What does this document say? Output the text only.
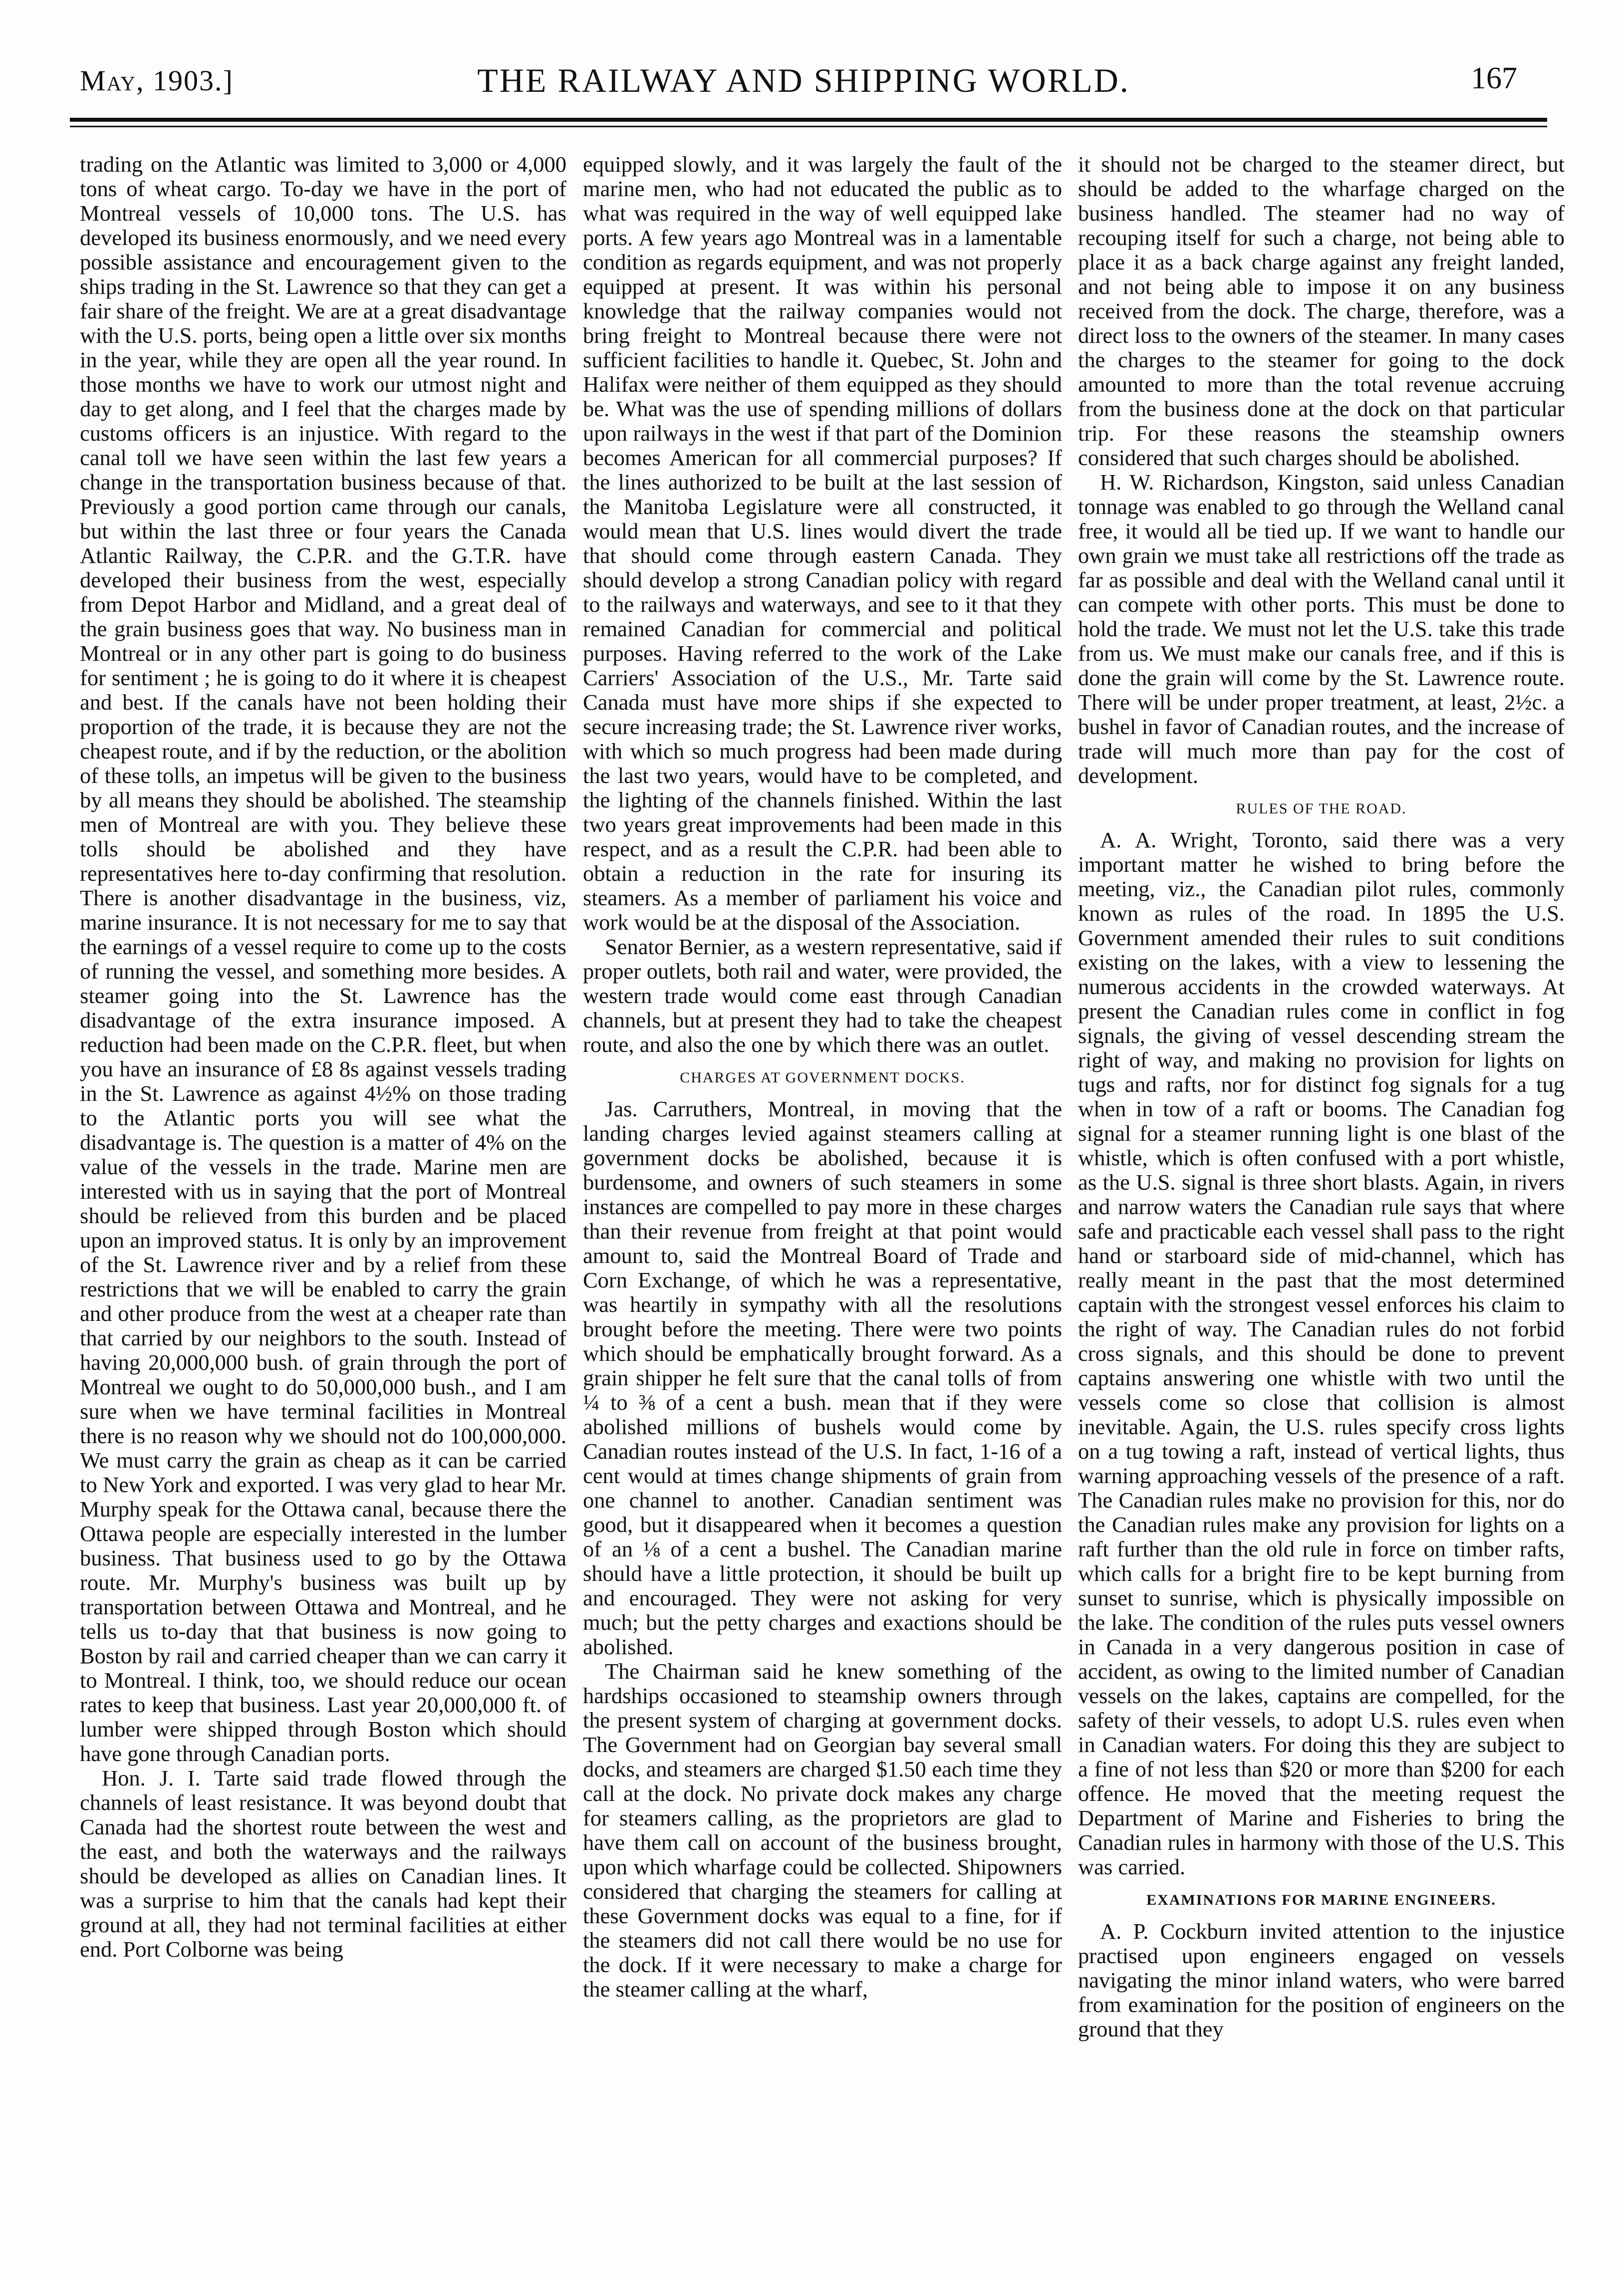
May, 1903.]	THE RAILWAY AND SHIPPING WORLD.	167

trading on the Atlantic was limited to 3,000 or 4,000 tons of wheat cargo. To-day we have in the port of Montreal vessels of 10,000 tons. The U.S. has developed its business enormously, and we need every possible assistance and encouragement given to the ships trading in the St. Lawrence so that they can get a fair share of the freight. We are at a great disadvantage with the U.S. ports, being open a little over six months in the year, while they are open all the year round. In those months we have to work our utmost night and day to get along, and I feel that the charges made by customs officers is an injustice. With regard to the canal toll we have seen within the last few years a change in the transportation business because of that. Previously a good portion came through our canals, but within the last three or four years the Canada Atlantic Railway, the C.P.R. and the G.T.R. have developed their business from the west, especially from Depot Harbor and Midland, and a great deal of the grain business goes that way. No business man in Montreal or in any other part is going to do business for sentiment ; he is going to do it where it is cheapest and best. If the canals have not been holding their proportion of the trade, it is because they are not the cheapest route, and if by the reduction, or the abolition of these tolls, an impetus will be given to the business by all means they should be abolished. The steamship men of Montreal are with you. They believe these tolls should be abolished and they have representatives here to-day confirming that resolution. There is another disadvantage in the business, viz, marine insurance. It is not necessary for me to say that the earnings of a vessel require to come up to the costs of running the vessel, and something more besides. A steamer going into the St. Lawrence has the disadvantage of the extra insurance imposed. A reduction had been made on the C.P.R. fleet, but when you have an insurance of £8 8s against vessels trading in the St. Lawrence as against 4½% on those trading to the Atlantic ports you will see what the disadvantage is. The question is a matter of 4% on the value of the vessels in the trade. Marine men are interested with us in saying that the port of Montreal should be relieved from this burden and be placed upon an improved status. It is only by an improvement of the St. Lawrence river and by a relief from these restrictions that we will be enabled to carry the grain and other produce from the west at a cheaper rate than that carried by our neighbors to the south. Instead of having 20,000,000 bush. of grain through the port of Montreal we ought to do 50,000,000 bush., and I am sure when we have terminal facilities in Montreal there is no reason why we should not do 100,000,000. We must carry the grain as cheap as it can be carried to New York and exported. I was very glad to hear Mr. Murphy speak for the Ottawa canal, because there the Ottawa people are especially interested in the lumber business. That business used to go by the Ottawa route. Mr. Murphy's business was built up by transportation between Ottawa and Montreal, and he tells us to-day that that business is now going to Boston by rail and carried cheaper than we can carry it to Montreal. I think, too, we should reduce our ocean rates to keep that business. Last year 20,000,000 ft. of lumber were shipped through Boston which should have gone through Canadian ports.

Hon. J. I. Tarte said trade flowed through the channels of least resistance. It was beyond doubt that Canada had the shortest route between the west and the east, and both the waterways and the railways should be developed as allies on Canadian lines. It was a surprise to him that the canals had kept their ground at all, they had not terminal facilities at either end. Port Colborne was being

equipped slowly, and it was largely the fault of the marine men, who had not educated the public as to what was required in the way of well equipped lake ports. A few years ago Montreal was in a lamentable condition as regards equipment, and was not properly equipped at present. It was within his personal knowledge that the railway companies would not bring freight to Montreal because there were not sufficient facilities to handle it. Quebec, St. John and Halifax were neither of them equipped as they should be. What was the use of spending millions of dollars upon railways in the west if that part of the Dominion becomes American for all commercial purposes? If the lines authorized to be built at the last session of the Manitoba Legislature were all constructed, it would mean that U.S. lines would divert the trade that should come through eastern Canada. They should develop a strong Canadian policy with regard to the railways and waterways, and see to it that they remained Canadian for commercial and political purposes. Having referred to the work of the Lake Carriers' Association of the U.S., Mr. Tarte said Canada must have more ships if she expected to secure increasing trade; the St. Lawrence river works, with which so much progress had been made during the last two years, would have to be completed, and the lighting of the channels finished. Within the last two years great improvements had been made in this respect, and as a result the C.P.R. had been able to obtain a reduction in the rate for insuring its steamers. As a member of parliament his voice and work would be at the disposal of the Association.

Senator Bernier, as a western representative, said if proper outlets, both rail and water, were provided, the western trade would come east through Canadian channels, but at present they had to take the cheapest route, and also the one by which there was an outlet.

CHARGES AT GOVERNMENT DOCKS.

Jas. Carruthers, Montreal, in moving that the landing charges levied against steamers calling at government docks be abolished, because it is burdensome, and owners of such steamers in some instances are compelled to pay more in these charges than their revenue from freight at that point would amount to, said the Montreal Board of Trade and Corn Exchange, of which he was a representative, was heartily in sympathy with all the resolutions brought before the meeting. There were two points which should be emphatically brought forward. As a grain shipper he felt sure that the canal tolls of from ¼ to ⅜ of a cent a bush. mean that if they were abolished millions of bushels would come by Canadian routes instead of the U.S. In fact, 1-16 of a cent would at times change shipments of grain from one channel to another. Canadian sentiment was good, but it disappeared when it becomes a question of an ⅛ of a cent a bushel. The Canadian marine should have a little protection, it should be built up and encouraged. They were not asking for very much; but the petty charges and exactions should be abolished.

The Chairman said he knew something of the hardships occasioned to steamship owners through the present system of charging at government docks. The Government had on Georgian bay several small docks, and steamers are charged $1.50 each time they call at the dock. No private dock makes any charge for steamers calling, as the proprietors are glad to have them call on account of the business brought, upon which wharfage could be collected. Shipowners considered that charging the steamers for calling at these Government docks was equal to a fine, for if the steamers did not call there would be no use for the dock. If it were necessary to make a charge for the steamer calling at the wharf,

it should not be charged to the steamer direct, but should be added to the wharfage charged on the business handled. The steamer had no way of recouping itself for such a charge, not being able to place it as a back charge against any freight landed, and not being able to impose it on any business received from the dock. The charge, therefore, was a direct loss to the owners of the steamer. In many cases the charges to the steamer for going to the dock amounted to more than the total revenue accruing from the business done at the dock on that particular trip. For these reasons the steamship owners considered that such charges should be abolished.

H. W. Richardson, Kingston, said unless Canadian tonnage was enabled to go through the Welland canal free, it would all be tied up. If we want to handle our own grain we must take all restrictions off the trade as far as possible and deal with the Welland canal until it can compete with other ports. This must be done to hold the trade. We must not let the U.S. take this trade from us. We must make our canals free, and if this is done the grain will come by the St. Lawrence route. There will be under proper treatment, at least, 2½c. a bushel in favor of Canadian routes, and the increase of trade will much more than pay for the cost of development.

RULES OF THE ROAD.

A. A. Wright, Toronto, said there was a very important matter he wished to bring before the meeting, viz., the Canadian pilot rules, commonly known as rules of the road. In 1895 the U.S. Government amended their rules to suit conditions existing on the lakes, with a view to lessening the numerous accidents in the crowded waterways. At present the Canadian rules come in conflict in fog signals, the giving of vessel descending stream the right of way, and making no provision for lights on tugs and rafts, nor for distinct fog signals for a tug when in tow of a raft or booms. The Canadian fog signal for a steamer running light is one blast of the whistle, which is often confused with a port whistle, as the U.S. signal is three short blasts. Again, in rivers and narrow waters the Canadian rule says that where safe and practicable each vessel shall pass to the right hand or starboard side of mid-channel, which has really meant in the past that the most determined captain with the strongest vessel enforces his claim to the right of way. The Canadian rules do not forbid cross signals, and this should be done to prevent captains answering one whistle with two until the vessels come so close that collision is almost inevitable. Again, the U.S. rules specify cross lights on a tug towing a raft, instead of vertical lights, thus warning approaching vessels of the presence of a raft. The Canadian rules make no provision for this, nor do the Canadian rules make any provision for lights on a raft further than the old rule in force on timber rafts, which calls for a bright fire to be kept burning from sunset to sunrise, which is physically impossible on the lake. The condition of the rules puts vessel owners in Canada in a very dangerous position in case of accident, as owing to the limited number of Canadian vessels on the lakes, captains are compelled, for the safety of their vessels, to adopt U.S. rules even when in Canadian waters. For doing this they are subject to a fine of not less than $20 or more than $200 for each offence. He moved that the meeting request the Department of Marine and Fisheries to bring the Canadian rules in harmony with those of the U.S. This was carried.

EXAMINATIONS FOR MARINE ENGINEERS.

A. P. Cockburn invited attention to the injustice practised upon engineers engaged on vessels navigating the minor inland waters, who were barred from examination for the position of engineers on the ground that they
